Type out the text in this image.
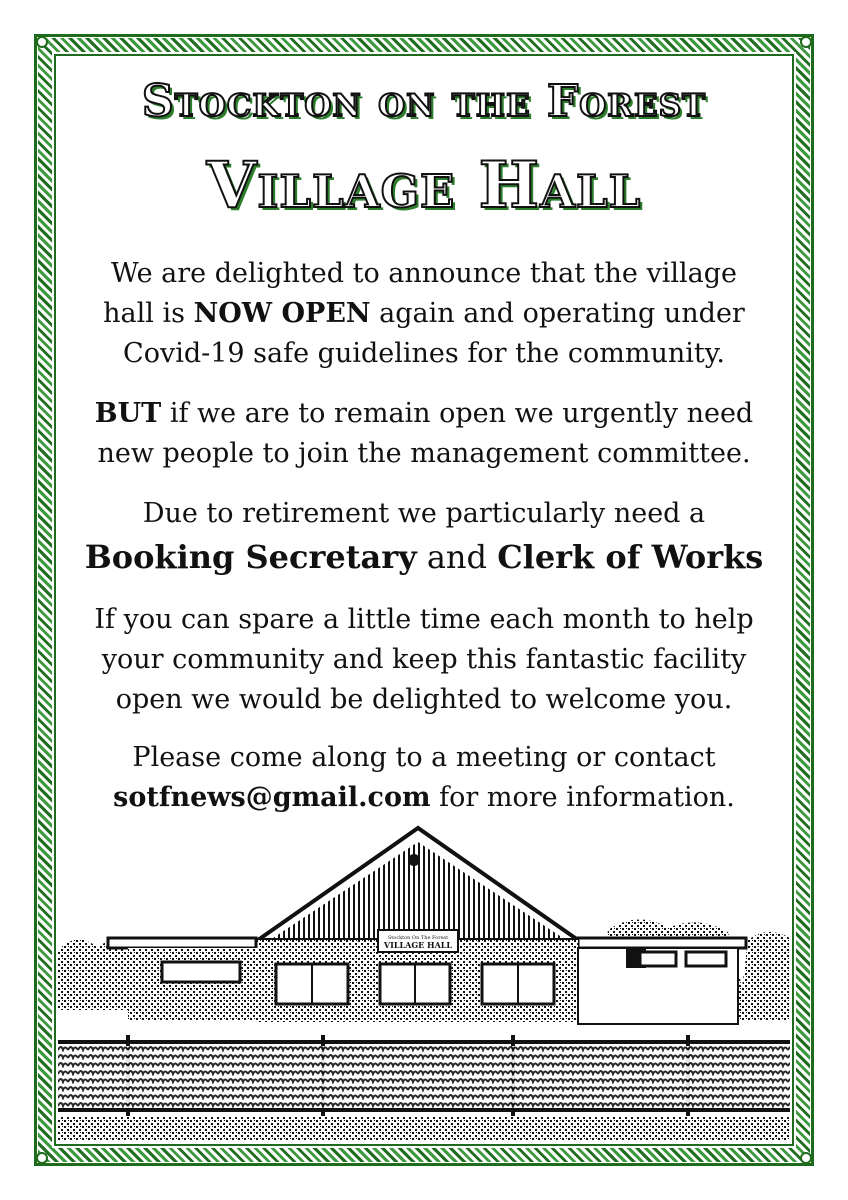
Stockton on the Forest
Village Hall

We are delighted to announce that the village
hall is NOW OPEN again and operating under
Covid-19 safe guidelines for the community.

BUT if we are to remain open we urgently need
new people to join the management committee.

Due to retirement we particularly need a
Booking Secretary and Clerk of Works

If you can spare a little time each month to help
your community and keep this fantastic facility
open we would be delighted to welcome you.

Please come along to a meeting or contact
sotfnews@gmail.com for more information.

Stockton On The Forest
VILLAGE HALL
